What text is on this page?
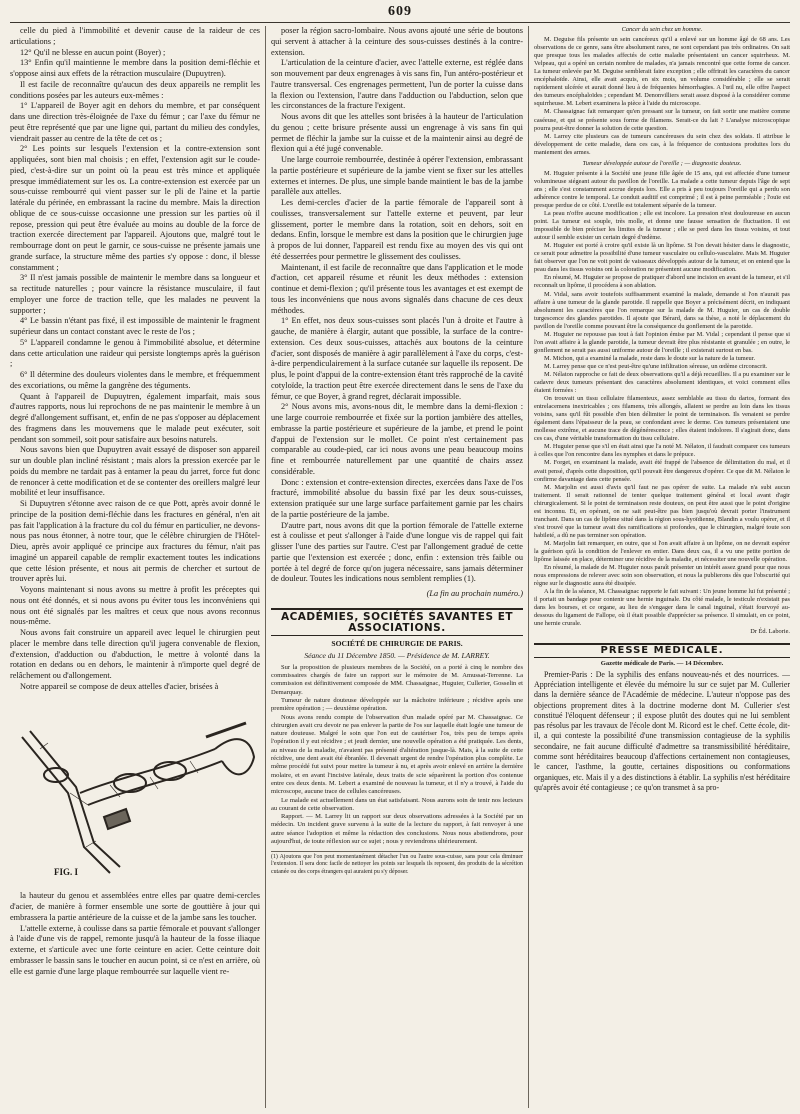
609

celle du pied à l'immobilité et devenir cause de la raideur de ces articulations ;

12° Qu'il ne blesse en aucun point (Boyer) ;

13° Enfin qu'il maintienne le membre dans la position demi-fléchie et s'oppose ainsi aux effets de la rétraction musculaire (Dupuytren).

Il est facile de reconnaître qu'aucun des deux appareils ne remplit les conditions posées par les auteurs eux-mêmes :

1° L'appareil de Boyer agit en dehors du membre, et par conséquent dans une direction très-éloignée de l'axe du fémur ; car l'axe du fémur ne peut être représenté que par une ligne qui, partant du milieu des condyles, viendrait passer au centre de la tête de cet os ;

2° Les points sur lesquels l'extension et la contre-extension sont appliquées, sont bien mal choisis ; en effet, l'extension agit sur le coude-pied, c'est-à-dire sur un point où la peau est très mince et appliquée presque immédiatement sur les os. La contre-extension est exercée par un sous-cuisse rembourré qui vient passer sur le pli de l'aine et la partie latérale du périnée, en embrassant la racine du membre. Mais la direction oblique de ce sous-cuisse occasionne une pression sur les parties où il repose, pression qui peut être évaluée au moins au double de la force de traction exercée directement par l'appareil. Ajoutons que, malgré tout le rembourrage dont on peut le garnir, ce sous-cuisse ne présente jamais une grande surface, la structure même des parties s'y oppose : donc, il blesse constamment ;

3° Il n'est jamais possible de maintenir le membre dans sa longueur et sa rectitude naturelles ; pour vaincre la résistance musculaire, il faut employer une force de traction telle, que les malades ne peuvent la supporter ;

4° Le bassin n'étant pas fixé, il est impossible de maintenir le fragment supérieur dans un contact constant avec le reste de l'os ;

5° L'appareil condamne le genou à l'immobilité absolue, et détermine dans cette articulation une raideur qui persiste longtemps après la guérison ;

6° Il détermine des douleurs violentes dans le membre, et fréquemment des excoriations, ou même la gangrène des téguments.

Quant à l'appareil de Dupuytren, également imparfait, mais sous d'autres rapports, nous lui reprochons de ne pas maintenir le membre à un degré d'allongement suffisant, et, enfin de ne pas s'opposer au déplacement des fragmens dans les mouvemens que le malade peut exécuter, soit pendant son sommeil, soit pour satisfaire aux besoins naturels.

Nous savons bien que Dupuytren avait essayé de disposer son appareil sur un double plan incliné résistant ; mais alors la pression exercée par le poids du membre ne tardait pas à entamer la peau du jarret, force fut donc de renoncer à cette modification et de se contenter des oreillers malgré leur mobilité et leur insuffisance.

Si Dupuytren s'étonne avec raison de ce que Pott, après avoir donné le principe de la position demi-fléchie dans les fractures en général, n'en ait pas fait l'application à la fracture du col du fémur en particulier, ne devons-nous pas nous étonner, à notre tour, que le célèbre chirurgien de l'Hôtel-Dieu, après avoir appliqué ce principe aux fractures du fémur, n'ait pas imaginé un appareil capable de remplir exactement toutes les indications que cette lésion présente, et nous ait permis de chercher et surtout de trouver après lui.

Voyons maintenant si nous avons su mettre à profit les préceptes qui nous ont été donnés, et si nous avons pu éviter tous les inconvéniens qui nous ont été signalés par les maîtres et ceux que nous avons reconnus nous-même.

Nous avons fait construire un appareil avec lequel le chirurgien peut placer le membre dans telle direction qu'il jugera convenable de flexion, d'extension, d'adduction ou d'abduction, le mettre à volonté dans la rotation en dedans ou en dehors, le maintenir à n'importe quel degré de relâchement ou d'allongement.

Notre appareil se compose de deux attelles d'acier, brisées à

FIG. I

la hauteur du genou et assemblées entre elles par quatre demi-cercles d'acier, de manière à former ensemble une sorte de gouttière à jour qui embrassera la partie antérieure de la cuisse et de la jambe sans les toucher.

L'attelle externe, à coulisse dans sa partie fémorale et pouvant s'allonger à l'aide d'une vis de rappel, remonte jusqu'à la hauteur de la fosse iliaque externe, et s'articule avec une forte ceinture en acier. Cette ceinture doit embrasser le bassin sans le toucher en aucun point, si ce n'est en arrière, où elle est garnie d'une large plaque rembourrée sur laquelle vient re-

poser la région sacro-lombaire. Nous avons ajouté une série de boutons qui servent à attacher à la ceinture des sous-cuisses destinés à la contre-extension.

L'articulation de la ceinture d'acier, avec l'attelle externe, est réglée dans son mouvement par deux engrenages à vis sans fin, l'un antéro-postérieur et l'autre transversal. Ces engrenages permettent, l'un de porter la cuisse dans la flexion ou l'extension, l'autre dans l'adduction ou l'abduction, selon que les circonstances de la fracture l'exigent.

Nous avons dit que les attelles sont brisées à la hauteur de l'articulation du genou ; cette brisure présente aussi un engrenage à vis sans fin qui permet de fléchir la jambe sur la cuisse et de la maintenir ainsi au degré de flexion qui a été jugé convenable.

Une large courroie rembourrée, destinée à opérer l'extension, embrassant la partie postérieure et supérieure de la jambe vient se fixer sur les attelles externes et internes. De plus, une simple bande maintient le bas de la jambe parallèle aux attelles.

Les demi-cercles d'acier de la partie fémorale de l'appareil sont à coulisses, transversalement sur l'attelle externe et peuvent, par leur glissement, porter le membre dans la rotation, soit en dehors, soit en dedans. Enfin, lorsque le membre est dans la position que le chirurgien juge à propos de lui donner, l'appareil est rendu fixe au moyen des vis qui ont été desserrées pour permettre le glissement des coulisses.

Maintenant, il est facile de reconnaître que dans l'application et le mode d'action, cet appareil résume et réunit les deux méthodes : extension continue et demi-flexion ; qu'il présente tous les avantages et est exempt de tous les inconvéniens que nous avons signalés dans chacune de ces deux méthodes.

1° En effet, nos deux sous-cuisses sont placés l'un à droite et l'autre à gauche, de manière à élargir, autant que possible, la surface de la contre-extension. Ces deux sous-cuisses, attachés aux boutons de la ceinture d'acier, sont disposés de manière à agir parallèlement à l'axe du corps, c'est-à-dire perpendiculairement à la surface cutanée sur laquelle ils reposent. De plus, le point d'appui de la contre-extension étant très rapproché de la cavité cotyloïde, la traction peut être exercée directement dans le sens de l'axe du fémur, ce que Boyer, à grand regret, déclarait impossible.

2° Nous avons mis, avons-nous dit, le membre dans la demi-flexion : une large courroie rembourrée et fixée sur la portion jambière des attelles, embrasse la partie postérieure et supérieure de la jambe, et prend le point d'appui de l'extension sur le mollet. Ce point n'est certainement pas comparable au coude-pied, car ici nous avons une peau beaucoup moins fine et rembourrée naturellement par une quantité de chairs assez considérable.

Donc : extension et contre-extension directes, exercées dans l'axe de l'os fracturé, immobilité absolue du bassin fixé par les deux sous-cuisses, extension pratiquée sur une large surface parfaitement garnie par les chairs de la partie postérieure de la jambe.

D'autre part, nous avons dit que la portion fémorale de l'attelle externe est à coulisse et peut s'allonger à l'aide d'une longue vis de rappel qui fait glisser l'une des parties sur l'autre. C'est par l'allongement gradué de cette partie que l'extension est exercée ; donc, enfin : extension très faible ou portée à tel degré de force qu'on jugera nécessaire, sans jamais déterminer de douleur. Toutes les indications nous semblent remplies (1).

(La fin au prochain numéro.)
ACADÉMIES, SOCIÉTÉS SAVANTES ET ASSOCIATIONS.
SOCIÉTÉ DE CHIRURGIE DE PARIS.
Séance du 11 Décembre 1850. — Présidence de M. LARREY.

Sur la proposition de plusieurs membres de la Société, on a porté à cinq le nombre des commissaires chargés de faire un rapport sur le mémoire de M. Amussat-Terrenne. La commission est définitivement composée de MM. Chassaignac, Huguier, Cullerier, Gosselin et Demarquay.

Tumeur de nature douteuse développée sur la mâchoire inférieure ; récidive après une première opération ; — deuxième opération.

Nous avons rendu compte de l'observation d'un malade opéré par M. Chassaignac. Ce chirurgien avait cru devoir ne pas enlever la partie de l'os sur laquelle était logée une tumeur de nature douteuse. Malgré le soin que l'on eut de cautériser l'os, très peu de temps après l'opération il y eut récidive ; et jeudi dernier, une nouvelle opération a été pratiquée. Les dents, au niveau de la maladie, n'avaient pas présenté d'altération jusque-là. Mais, à la suite de cette récidive, une dent avait été ébranlée. Il devenait urgent de rendre l'opération plus complète. Le même procédé fut suivi pour mettre la tumeur à nu, et après avoir enlevé en arrière la dernière molaire, et en avant l'incisive latérale, deux traits de scie séparèrent la portion d'os contenue entre ces deux dents. M. Lebert a examiné de nouveau la tumeur, et il n'y a trouvé, à l'aide du microscope, aucune trace de cellules cancéreuses.

Le malade est actuellement dans un état satisfaisant. Nous aurons soin de tenir nos lecteurs au courant de cette observation.

Rapport. — M. Larrey lit un rapport sur deux observations adressées à la Société par un médecin. Un incident grave survenu à la suite de la lecture du rapport, à fait renvoyer à une autre séance l'adoption et même la rédaction des conclusions. Nous nous abstiendrons, pour aujourd'hui, de toute réflexion sur ce sujet ; nous y reviendrons ultérieurement.

(1) Ajoutons que l'on peut momentanément détacher l'un ou l'autre sous-cuisse, sans pour cela diminuer l'extension. Il sera donc facile de nettoyer les points sur lesquels ils reposent, des produits de la sécrétion cutanée ou des corps étrangers qui auraient pu s'y déposer.

Cancer du sein chez un homme.

M. Deguise fils présente un sein cancéreux qu'il a enlevé sur un homme âgé de 68 ans. Les observations de ce genre, sans être absolument rares, ne sont cependant pas très ordinaires. On sait que presque tous les malades affectés de cette maladie présentaient un cancer squirrheux. M. Velpeau, qui a opéré un certain nombre de malades, n'a jamais rencontré que cette forme de cancer. La tumeur enlevée par M. Deguise semblerait faire exception ; elle offrirait les caractères du cancer encéphaloïde. Ainsi, elle avait acquis, en six mois, un volume considérable ; elle se serait rapidement ulcérée et aurait donné lieu à de fréquentes hémorrhagies. A l'œil nu, elle offre l'aspect des tumeurs encéphaloïdes ; cependant M. Denonvilliers serait assez disposé à la considérer comme squirrheuse. M. Lebert examinera la pièce à l'aide du microscope.

M. Chassaignac fait remarquer qu'en pressant sur la tumeur, on fait sortir une matière comme caséeuse, et qui se présente sous forme de filamens. Serait-ce du lait ? L'analyse microscopique pourra peut-être donner la solution de cette question.

M. Larrey cite plusieurs cas de tumeurs cancéreuses du sein chez des soldats. Il attribue le développement de cette maladie, dans ces cas, à la fréquence de contusions produites lors du maniement des armes.

Tumeur développée autour de l'oreille ; — diagnostic douteux.

M. Huguier présente à la Société une jeune fille âgée de 15 ans, qui est affectée d'une tumeur volumineuse siégeant autour du pavillon de l'oreille. La malade a cette tumeur depuis l'âge de sept ans ; elle s'est constamment accrue depuis lors. Elle a pris à peu toujours l'oreille qui a perdu son adhérence contre le temporal. Le conduit auditif est comprimé ; il est à peine perméable ; l'ouïe est presque perdue de ce côté. L'oreille est totalement séparée de la tumeur.

La peau n'offre aucune modification ; elle est incolore. La pression n'est douloureuse en aucun point. La tumeur est souple, très molle, et donne une fausse sensation de fluctuation. Il est impossible de bien préciser les limites de la tumeur ; elle se perd dans les tissus voisins, et tout autour il semble exister un certain degré d'œdème.

M. Huguier est porté à croire qu'il existe là un lipôme. Si l'on devait hésiter dans le diagnostic, ce serait pour admettre la possibilité d'une tumeur vasculaire ou cellulo-vasculaire. Mais M. Huguier fait observer que l'on ne voit point de vaisseaux développés autour de la tumeur, et on entend que la peau dans les tissus voisins ont la coloration ne présentent aucune modification.

En résumé, M. Huguier se propose de pratiquer d'abord une incision en avant de la tumeur, et s'il reconnaît un lipôme, il procédera à son ablation.

M. Vidal, sans avoir toutefois suffisamment examiné la malade, demande si l'on n'aurait pas affaire à une tumeur de la glande parotide. Il rappelle que Boyer a précisément décrit, en indiquant absolument les caractères que l'on remarque sur la malade de M. Huguier, un cas de double turgescence des glandes parotides. Il ajoute que Bérard, dans sa thèse, a noté le déplacement du pavillon de l'oreille comme pouvant être la conséquence du gonflement de la parotide.

M. Huguier ne repousse pas tout à fait l'opinion émise par M. Vidal ; cependant il pense que si l'on avait affaire à la glande parotide, la tumeur devrait être plus résistante et granulée ; en outre, le gonflement ne serait pas aussi uniforme autour de l'oreille ; il existerait surtout en bas.

M. Michon, qui a examiné la malade, reste dans le doute sur la nature de la tumeur.

M. Larrey pense que ce n'est peut-être qu'une infiltration séreuse, un œdème circonscrit.

M. Nélaton rapproche ce fait de deux observations qu'il a déjà recueillies. Il a pu examiner sur le cadavre deux tumeurs présentant des caractères absolument identiques, et voici comment elles étaient formées :

On trouvait un tissu cellulaire filamenteux, assez semblable au tissu du dartos, formant des entrelacemens inextricables ; ces filamens, très allongés, allaient se perdre au loin dans les tissus voisins, sans qu'il fût possible d'en bien délimiter le point de terminaison. Ils venaient se perdre également dans l'épaisseur de la peau, se confondant avec le derme. Ces tumeurs présentaient une mollesse extrême, et aucune trace de dégénérescence ; elles étaient indolores. Il s'agirait donc, dans ces cas, d'une véritable transformation du tissu cellulaire.

M. Huguier pense que s'il en était ainsi que l'a noté M. Nélaton, il faudrait comparer ces tumeurs à celles que l'on rencontre dans les nymphes et dans le prépuce.

M. Forget, en examinant la malade, avait été frappé de l'absence de délimitation du mal, et il avait pensé, d'après cette disposition, qu'il pouvait être dangereux d'opérer. Ce que dit M. Nélaton le confirme davantage dans cette pensée.

M. Marjolin est aussi d'avis qu'il faut ne pas opérer de suite. La malade n'a subi aucun traitement. Il serait rationnel de tenter quelque traitement général et local avant d'agir chirurgicalement. Si le point de terminaison reste douteux, on peut être aussi que le point d'origine est inconnu. Et, en opérant, on ne sait peut-être pas bien jusqu'où devrait porter l'instrument tranchant. Dans un cas de lipôme situé dans la région sous-hyoïdienne, Blandin a voulu opérer, et il s'est trouvé que la tumeur avait des ramifications si profondes, que le chirurgien, malgré toute son habileté, a dû ne pas terminer son opération.

M. Marjolin fait remarquer, en outre, que si l'on avait affaire à un lipôme, on ne devrait espérer la guérison qu'à la condition de l'enlever en entier. Dans deux cas, il a vu une petite portion de lipôme laissée en place, déterminer une récidive de la maladie, et nécessiter une nouvelle opération.

En résumé, la malade de M. Huguier nous paraît présenter un intérêt assez grand pour que nous nous empressions de relever avec soin son observation, et nous la publierons dès que l'obscurité qui règne sur le diagnostic aura été dissipée.

A la fin de la séance, M. Chassaignac rapporte le fait suivant : Un jeune homme lui fut présenté ; il portait un bandage pour contenir une hernie inguinale. Du côté malade, le testicule n'existait pas dans les bourses, et ce organe, au lieu de s'engager dans le canal inguinal, s'était fourvoyé au-dessous du ligament de Fallope, où il était possible d'apprécier sa présence. Il simulait, en ce point, une hernie crurale.

Dr Éd. Laborie.

PRESSE MÉDICALE.

Gazette médicale de Paris. — 14 Décembre.

Premier-Paris : De la syphilis des enfans nouveau-nés et des nourrices. — Appréciation intelligente et élevée du mémoire lu sur ce sujet par M. Cullerier dans la dernière séance de l'Académie de médecine. L'auteur n'oppose pas des objections proprement dites à la doctrine moderne dont M. Cullerier s'est constitué l'éloquent défenseur ; il expose plutôt des doutes qui ne lui semblent pas résolus par les travaux de l'école dont M. Ricord est le chef. Cette école, dit-il, a qui conteste la possibilité d'une transmission contagieuse de la syphilis secondaire, ne fait aucune difficulté d'admettre sa transmissibilité héréditaire, comme sont héréditaires beaucoup d'affections certainement non contagieuses, le cancer, l'asthme, la goutte, certaines dispositions ou conformations organiques, etc. Mais il y a des distinctions à établir. La syphilis n'est héréditaire qu'après avoir été contagieuse ; ce qu'on transmet à sa pro-
